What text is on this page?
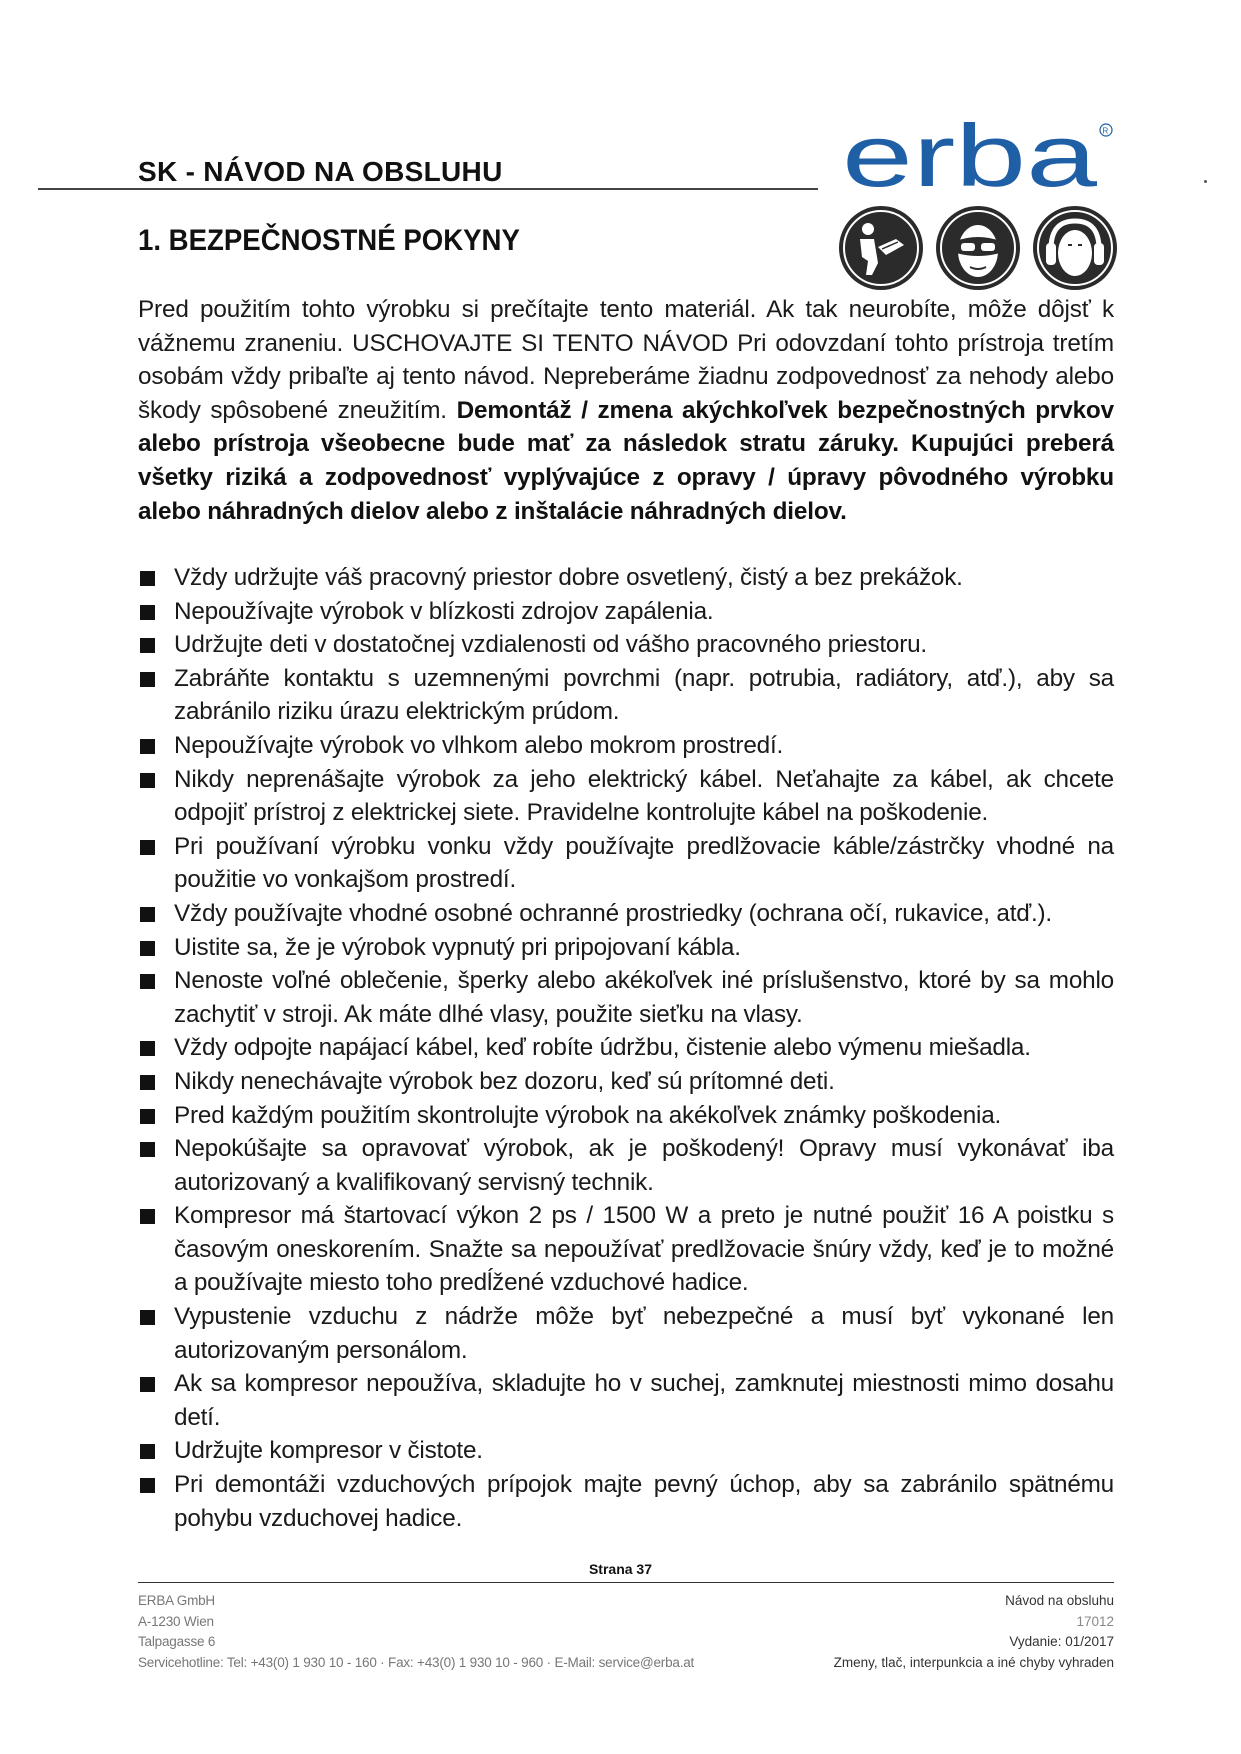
SK - NÁVOD NA OBSLUHU	erba R
1. BEZPEČNOSTNÉ POKYNY
Pred použitím tohto výrobku si prečítajte tento materiál. Ak tak neurobíte, môže dôjsť k vážnemu zraneniu. USCHOVAJTE SI TENTO NÁVOD Pri odovzdaní tohto prístroja tretím osobám vždy pribaľte aj tento návod. Nepreberáme žiadnu zodpovednosť za nehody alebo škody spôsobené zneužitím. Demontáž / zmena akýchkoľvek bezpečnostných prvkov alebo prístroja všeobecne bude mať za následok stratu záruky. Kupujúci preberá všetky riziká a zodpovednosť vyplývajúce z opravy / úpravy pôvodného výrobku alebo náhradných dielov alebo z inštalácie náhradných dielov.
Vždy udržujte váš pracovný priestor dobre osvetlený, čistý a bez prekážok.
Nepoužívajte výrobok v blízkosti zdrojov zapálenia.
Udržujte deti v dostatočnej vzdialenosti od vášho pracovného priestoru.
Zabráňte kontaktu s uzemnenými povrchmi (napr. potrubia, radiátory, atď.), aby sa zabránilo riziku úrazu elektrickým prúdom.
Nepoužívajte výrobok vo vlhkom alebo mokrom prostredí.
Nikdy neprenášajte výrobok za jeho elektrický kábel. Neťahajte za kábel, ak chcete odpojiť prístroj z elektrickej siete. Pravidelne kontrolujte kábel na poškodenie.
Pri používaní výrobku vonku vždy používajte predlžovacie káble/zástrčky vhodné na použitie vo vonkajšom prostredí.
Vždy používajte vhodné osobné ochranné prostriedky (ochrana očí, rukavice, atď.).
Uistite sa, že je výrobok vypnutý pri pripojovaní kábla.
Nenoste voľné oblečenie, šperky alebo akékoľvek iné príslušenstvo, ktoré by sa mohlo zachytiť v stroji. Ak máte dlhé vlasy, použite sieťku na vlasy.
Vždy odpojte napájací kábel, keď robíte údržbu, čistenie alebo výmenu miešadla.
Nikdy nenechávajte výrobok bez dozoru, keď sú prítomné deti.
Pred každým použitím skontrolujte výrobok na akékoľvek známky poškodenia.
Nepokúšajte sa opravovať výrobok, ak je poškodený! Opravy musí vykonávať iba autorizovaný a kvalifikovaný servisný technik.
Kompresor má štartovací výkon 2 ps / 1500 W a preto je nutné použiť 16 A poistku s časovým oneskorením. Snažte sa nepoužívať predlžovacie šnúry vždy, keď je to možné a používajte miesto toho predĺžené vzduchové hadice.
Vypustenie vzduchu z nádrže môže byť nebezpečné a musí byť vykonané len autorizovaným personálom.
Ak sa kompresor nepoužíva, skladujte ho v suchej, zamknutej miestnosti mimo dosahu detí.
Udržujte kompresor v čistote.
Pri demontáži vzduchových prípojok majte pevný úchop, aby sa zabránilo spätnému pohybu vzduchovej hadice.
Strana 37
ERBA GmbH
A-1230 Wien
Talpagasse 6
Servicehotline: Tel: +43(0) 1 930 10 - 160 · Fax: +43(0) 1 930 10 - 960 · E-Mail: service@erba.at
Návod na obsluhu
17012
Vydanie: 01/2017
Zmeny, tlač, interpunkcia a iné chyby vyhraden
